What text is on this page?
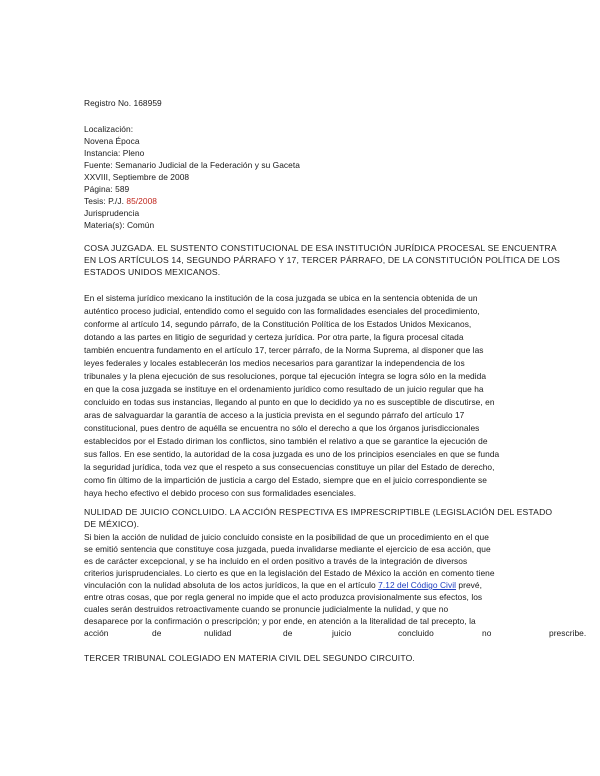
Registro No. 168959
Localización:
Novena Época
Instancia: Pleno
Fuente: Semanario Judicial de la Federación y su Gaceta
XXVIII, Septiembre de 2008
Página: 589
Tesis: P./J. 85/2008
Jurisprudencia
Materia(s): Común
COSA JUZGADA. EL SUSTENTO CONSTITUCIONAL DE ESA INSTITUCIÓN JURÍDICA PROCESAL SE ENCUENTRA
EN LOS ARTÍCULOS 14, SEGUNDO PÁRRAFO Y 17, TERCER PÁRRAFO, DE LA CONSTITUCIÓN POLÍTICA DE LOS
ESTADOS UNIDOS MEXICANOS.
En el sistema jurídico mexicano la institución de la cosa juzgada se ubica en la sentencia obtenida de un
auténtico proceso judicial, entendido como el seguido con las formalidades esenciales del procedimiento,
conforme al artículo 14, segundo párrafo, de la Constitución Política de los Estados Unidos Mexicanos,
dotando a las partes en litigio de seguridad y certeza jurídica. Por otra parte, la figura procesal citada
también encuentra fundamento en el artículo 17, tercer párrafo, de la Norma Suprema, al disponer que las
leyes federales y locales establecerán los medios necesarios para garantizar la independencia de los
tribunales y la plena ejecución de sus resoluciones, porque tal ejecución íntegra se logra sólo en la medida
en que la cosa juzgada se instituye en el ordenamiento jurídico como resultado de un juicio regular que ha
concluido en todas sus instancias, llegando al punto en que lo decidido ya no es susceptible de discutirse, en
aras de salvaguardar la garantía de acceso a la justicia prevista en el segundo párrafo del artículo 17
constitucional, pues dentro de aquélla se encuentra no sólo el derecho a que los órganos jurisdiccionales
establecidos por el Estado diriman los conflictos, sino también el relativo a que se garantice la ejecución de
sus fallos. En ese sentido, la autoridad de la cosa juzgada es uno de los principios esenciales en que se funda
la seguridad jurídica, toda vez que el respeto a sus consecuencias constituye un pilar del Estado de derecho,
como fin último de la impartición de justicia a cargo del Estado, siempre que en el juicio correspondiente se
haya hecho efectivo el debido proceso con sus formalidades esenciales.
NULIDAD DE JUICIO CONCLUIDO. LA ACCIÓN RESPECTIVA ES IMPRESCRIPTIBLE (LEGISLACIÓN DEL ESTADO
DE MÉXICO).
Si bien la acción de nulidad de juicio concluido consiste en la posibilidad de que un procedimiento en el que
se emitió sentencia que constituye cosa juzgada, pueda invalidarse mediante el ejercicio de esa acción, que
es de carácter excepcional, y se ha incluido en el orden positivo a través de la integración de diversos
criterios jurisprudenciales. Lo cierto es que en la legislación del Estado de México la acción en comento tiene
vinculación con la nulidad absoluta de los actos jurídicos, la que en el artículo 7.12 del Código Civil prevé,
entre otras cosas, que por regla general no impide que el acto produzca provisionalmente sus efectos, los
cuales serán destruidos retroactivamente cuando se pronuncie judicialmente la nulidad, y que no
desaparece por la confirmación o prescripción; y por ende, en atención a la literalidad de tal precepto, la
acción	de	nulidad	de	juicio	concluido	no	prescribe.
TERCER TRIBUNAL COLEGIADO EN MATERIA CIVIL DEL SEGUNDO CIRCUITO.
